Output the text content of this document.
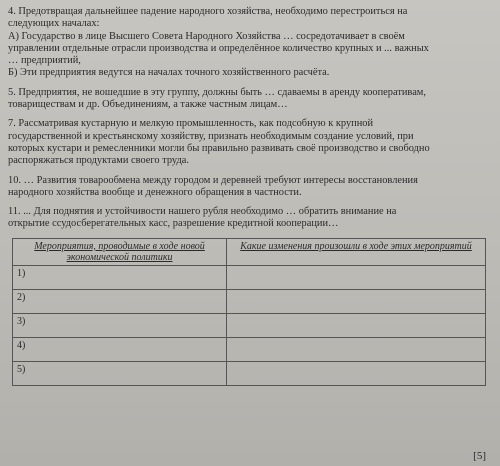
4. Предотвращая дальнейшее падение народного хозяйства, необходимо перестроиться на
следующих началах:
А) Государство в лице Высшего Совета Народного Хозяйства … сосредотачивает в своём
управлении отдельные отрасли производства и определённое количество крупных и ... важных
… предприятий,
Б) Эти предприятия ведутся на началах точного хозяйственного расчёта.

5. Предприятия, не вошедшие в эту группу, должны быть … сдаваемы в аренду кооперативам,
товариществам и др. Объединениям, а также частным лицам…

7. Рассматривая кустарную и мелкую промышленность, как подсобную к крупной
государственной и крестьянскому хозяйству, признать необходимым создание условий, при
которых кустари и ремесленники могли бы правильно развивать своё производство и свободно
распоряжаться продуктами своего труда.

10. … Развития товарообмена между городом и деревней требуют интересы восстановления
народного хозяйства вообще и денежного обращения в частности.

11. ... Для поднятия и устойчивости нашего рубля необходимо … обратить внимание на
открытие ссудосберегательных касс, разрешение кредитной кооперации…

Мероприятия, проводимые в ходе новой экономической политики	Какие изменения произошли в ходе этих мероприятий
1)	
2)	
3)	
4)	
5)	
[5]
